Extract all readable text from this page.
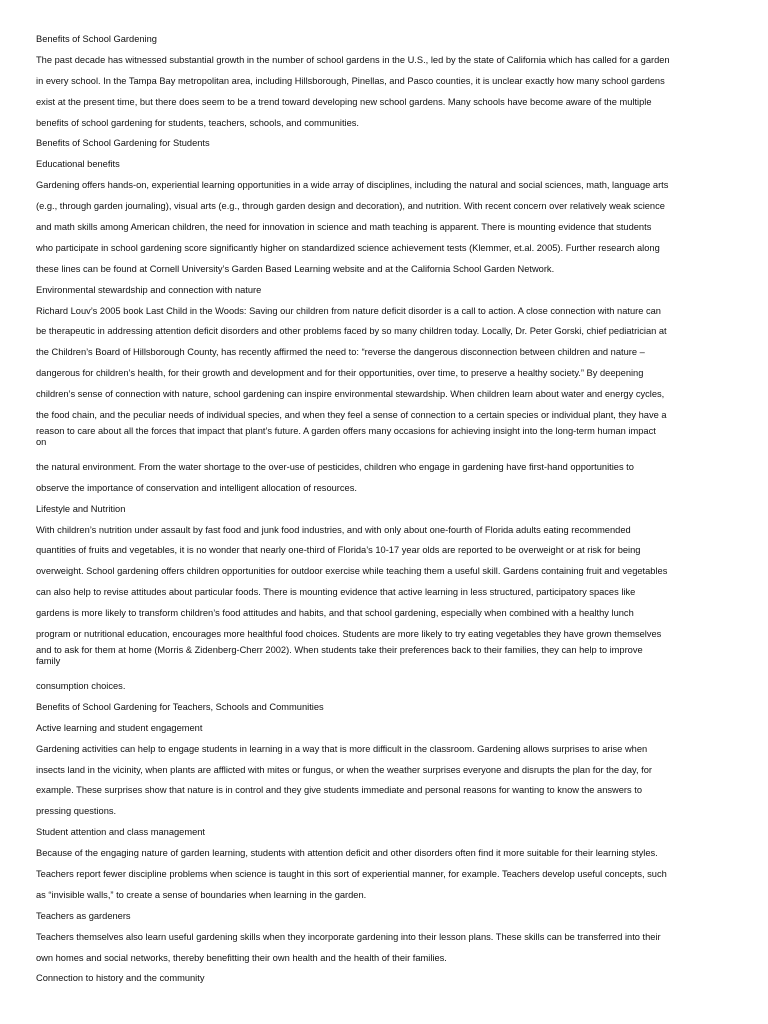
Benefits of School Gardening
The past decade has witnessed substantial growth in the number of school gardens in the U.S., led by the state of California which has called for a garden
in every school. In the Tampa Bay metropolitan area, including Hillsborough, Pinellas, and Pasco counties, it is unclear exactly how many school gardens
exist at the present time, but there does seem to be a trend toward developing new school gardens. Many schools have become aware of the multiple
benefits of school gardening for students, teachers, schools, and communities.
Benefits of School Gardening for Students
Educational benefits
Gardening offers hands-on, experiential learning opportunities in a wide array of disciplines, including the natural and social sciences, math, language arts
(e.g., through garden journaling), visual arts (e.g., through garden design and decoration), and nutrition. With recent concern over relatively weak science
and math skills among American children, the need for innovation in science and math teaching is apparent. There is mounting evidence that students
who participate in school gardening score significantly higher on standardized science achievement tests (Klemmer, et.al. 2005). Further research along
these lines can be found at Cornell University’s Garden Based Learning website and at the California School Garden Network.
Environmental stewardship and connection with nature
Richard Louv’s 2005 book Last Child in the Woods: Saving our children from nature deficit disorder is a call to action. A close connection with nature can
be therapeutic in addressing attention deficit disorders and other problems faced by so many children today. Locally, Dr. Peter Gorski, chief pediatrician at
the Children’s Board of Hillsborough County, has recently affirmed the need to: “reverse the dangerous disconnection between children and nature –
dangerous for children’s health, for their growth and development and for their opportunities, over time, to preserve a healthy society.” By deepening
children’s sense of connection with nature, school gardening can inspire environmental stewardship. When children learn about water and energy cycles,
the food chain, and the peculiar needs of individual species, and when they feel a sense of connection to a certain species or individual plant, they have a
reason to care about all the forces that impact that plant’s future. A garden offers many occasions for achieving insight into the long-term human impact
on
the natural environment. From the water shortage to the over-use of pesticides, children who engage in gardening have first-hand opportunities to
observe the importance of conservation and intelligent allocation of resources.
Lifestyle and Nutrition
With children’s nutrition under assault by fast food and junk food industries, and with only about one-fourth of Florida adults eating recommended
quantities of fruits and vegetables, it is no wonder that nearly one-third of Florida’s 10-17 year olds are reported to be overweight or at risk for being
overweight. School gardening offers children opportunities for outdoor exercise while teaching them a useful skill. Gardens containing fruit and vegetables
can also help to revise attitudes about particular foods. There is mounting evidence that active learning in less structured, participatory spaces like
gardens is more likely to transform children’s food attitudes and habits, and that school gardening, especially when combined with a healthy lunch
program or nutritional education, encourages more healthful food choices. Students are more likely to try eating vegetables they have grown themselves
and to ask for them at home (Morris & Zidenberg-Cherr 2002). When students take their preferences back to their families, they can help to improve
family
consumption choices.
Benefits of School Gardening for Teachers, Schools and Communities
Active learning and student engagement
Gardening activities can help to engage students in learning in a way that is more difficult in the classroom. Gardening allows surprises to arise when
insects land in the vicinity, when plants are afflicted with mites or fungus, or when the weather surprises everyone and disrupts the plan for the day, for
example. These surprises show that nature is in control and they give students immediate and personal reasons for wanting to know the answers to
pressing questions.
Student attention and class management
Because of the engaging nature of garden learning, students with attention deficit and other disorders often find it more suitable for their learning styles.
Teachers report fewer discipline problems when science is taught in this sort of experiential manner, for example. Teachers develop useful concepts, such
as “invisible walls,” to create a sense of boundaries when learning in the garden.
Teachers as gardeners
Teachers themselves also learn useful gardening skills when they incorporate gardening into their lesson plans. These skills can be transferred into their
own homes and social networks, thereby benefitting their own health and the health of their families.
Connection to history and the community
